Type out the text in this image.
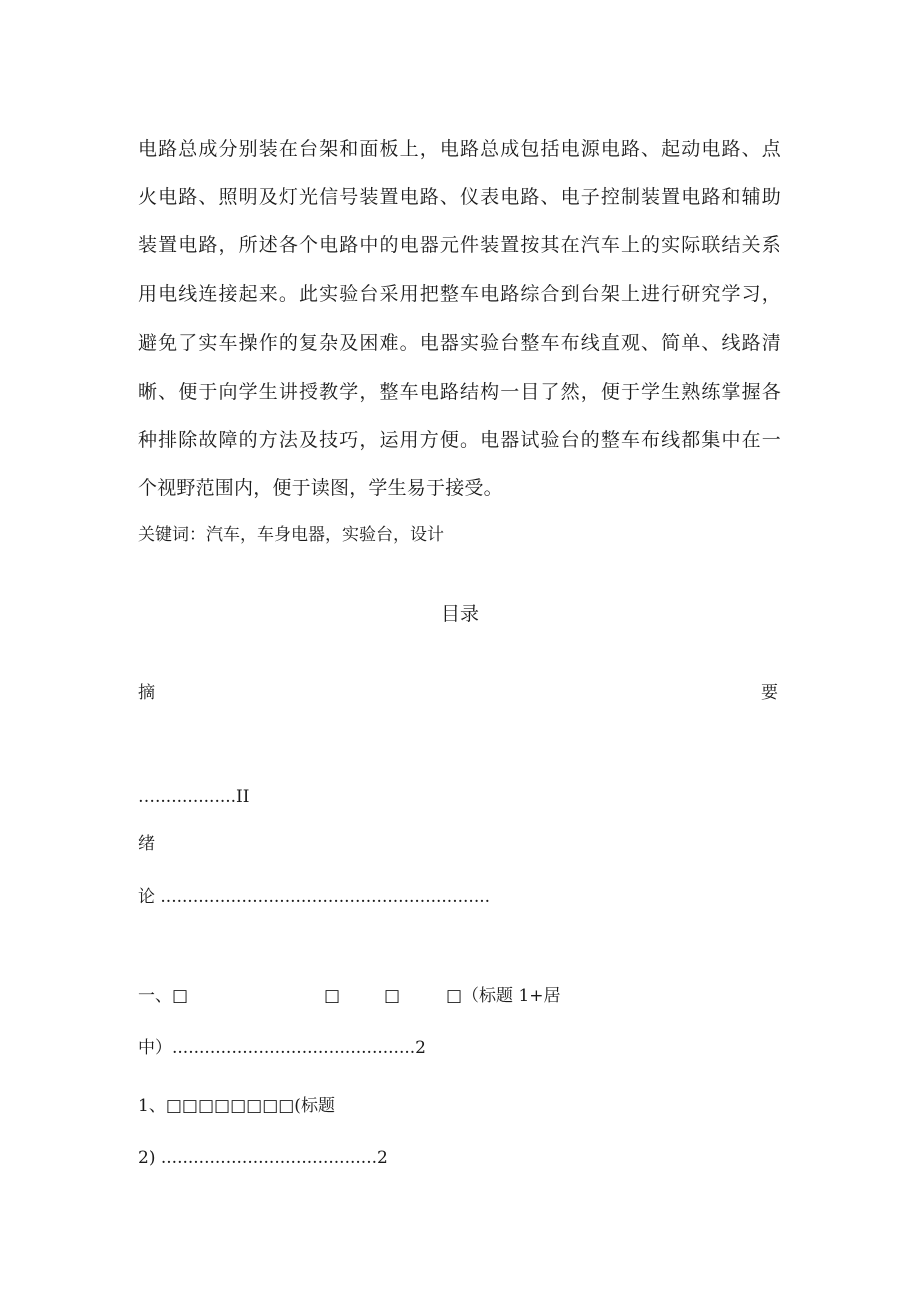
电路总成分别装在台架和面板上，电路总成包括电源电路、起动电路、点
火电路、照明及灯光信号装置电路、仪表电路、电子控制装置电路和辅助
装置电路，所述各个电路中的电器元件装置按其在汽车上的实际联结关系
用电线连接起来。此实验台采用把整车电路综合到台架上进行研究学习，
避免了实车操作的复杂及困难。电器实验台整车布线直观、简单、线路清
晰、便于向学生讲授教学，整车电路结构一目了然，便于学生熟练掌握各
种排除故障的方法及技巧，运用方便。电器试验台的整车布线都集中在一
个视野范围内，便于读图，学生易于接受。
关键词：汽车，车身电器，实验台，设计
目录
摘	要
…...............II
绪
论 .............................................................
一、□	□	□	□（标题 1+居
中）.............................................2
1、□□□□□□□□(标题
2) ........................................2
